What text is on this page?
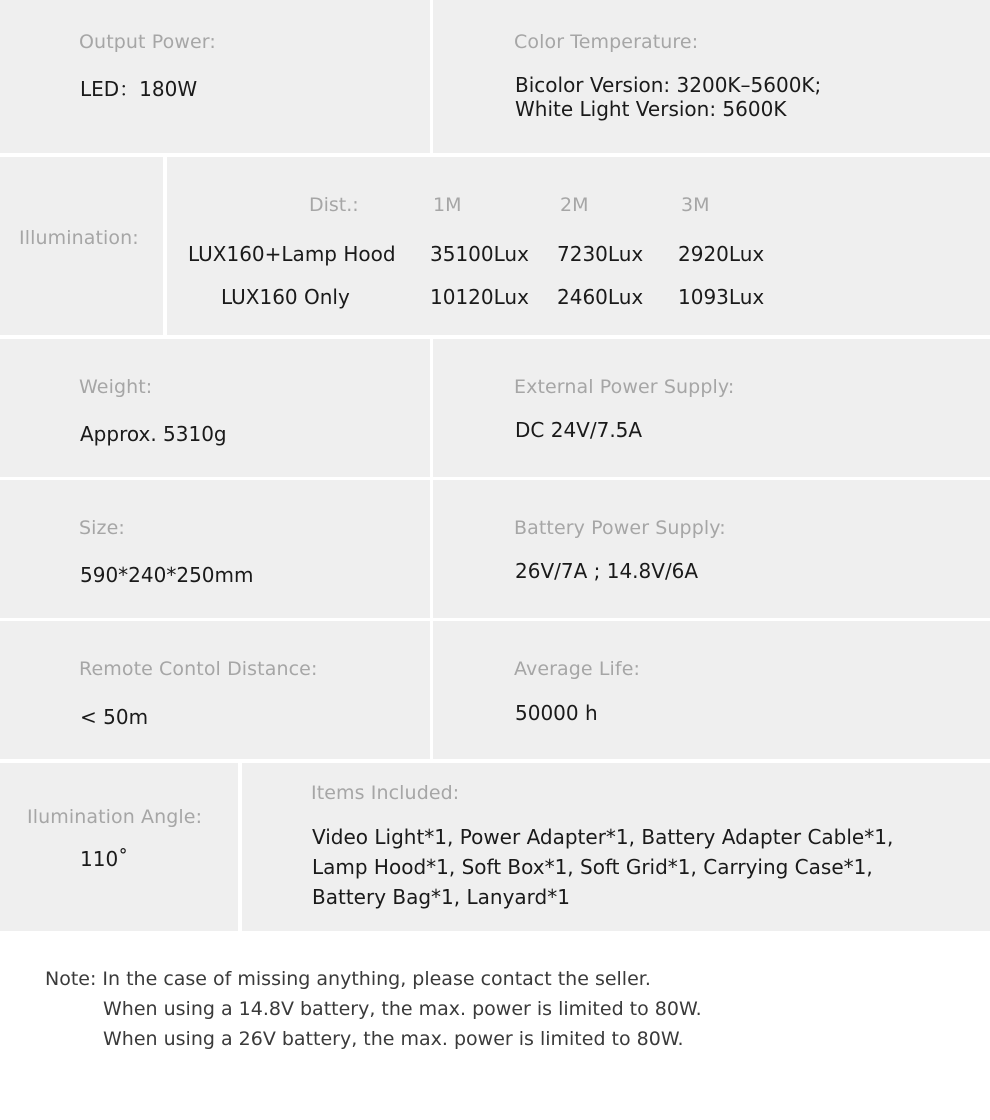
Output Power:
LED：180W
Color Temperature:
Bicolor Version: 3200K–5600K;
White Light Version: 5600K
Illumination:
Dist.:	1M	2M	3M
LUX160+Lamp Hood 35100Lux 7230Lux 2920Lux
LUX160 Only	10120Lux 2460Lux 1093Lux
Weight:
Approx. 5310g
External Power Supply:
DC 24V/7.5A
Size:
590*240*250mm
Battery Power Supply:
26V/7A ; 14.8V/6A
Remote Contol Distance:
< 50m
Average Life:
50000 h
Ilumination Angle:
110˚
Items Included:
Video Light*1, Power Adapter*1, Battery Adapter Cable*1,
Lamp Hood*1, Soft Box*1, Soft Grid*1, Carrying Case*1,
Battery Bag*1, Lanyard*1
Note: In the case of missing anything, please contact the seller.
When using a 14.8V battery, the max. power is limited to 80W.
When using a 26V battery, the max. power is limited to 80W.
